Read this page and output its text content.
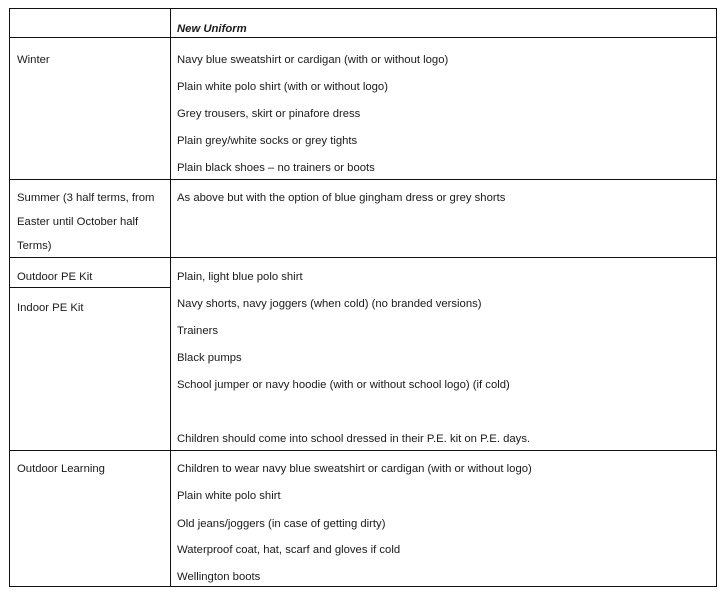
New Uniform
Winter	Navy blue sweatshirt or cardigan (with or without logo)
Plain white polo shirt (with or without logo)
Grey trousers, skirt or pinafore dress
Plain grey/white socks or grey tights
Plain black shoes – no trainers or boots
Summer (3 half terms, from
Easter until October half
Terms)
As above but with the option of blue gingham dress or grey shorts
Outdoor PE Kit
Indoor PE Kit
Plain, light blue polo shirt
Navy shorts, navy joggers (when cold) (no branded versions)
Trainers
Black pumps
School jumper or navy hoodie (with or without school logo) (if cold)
Children should come into school dressed in their P.E. kit on P.E. days.
Outdoor Learning	Children to wear navy blue sweatshirt or cardigan (with or without logo)
Plain white polo shirt
Old jeans/joggers (in case of getting dirty)
Waterproof coat, hat, scarf and gloves if cold
Wellington boots
